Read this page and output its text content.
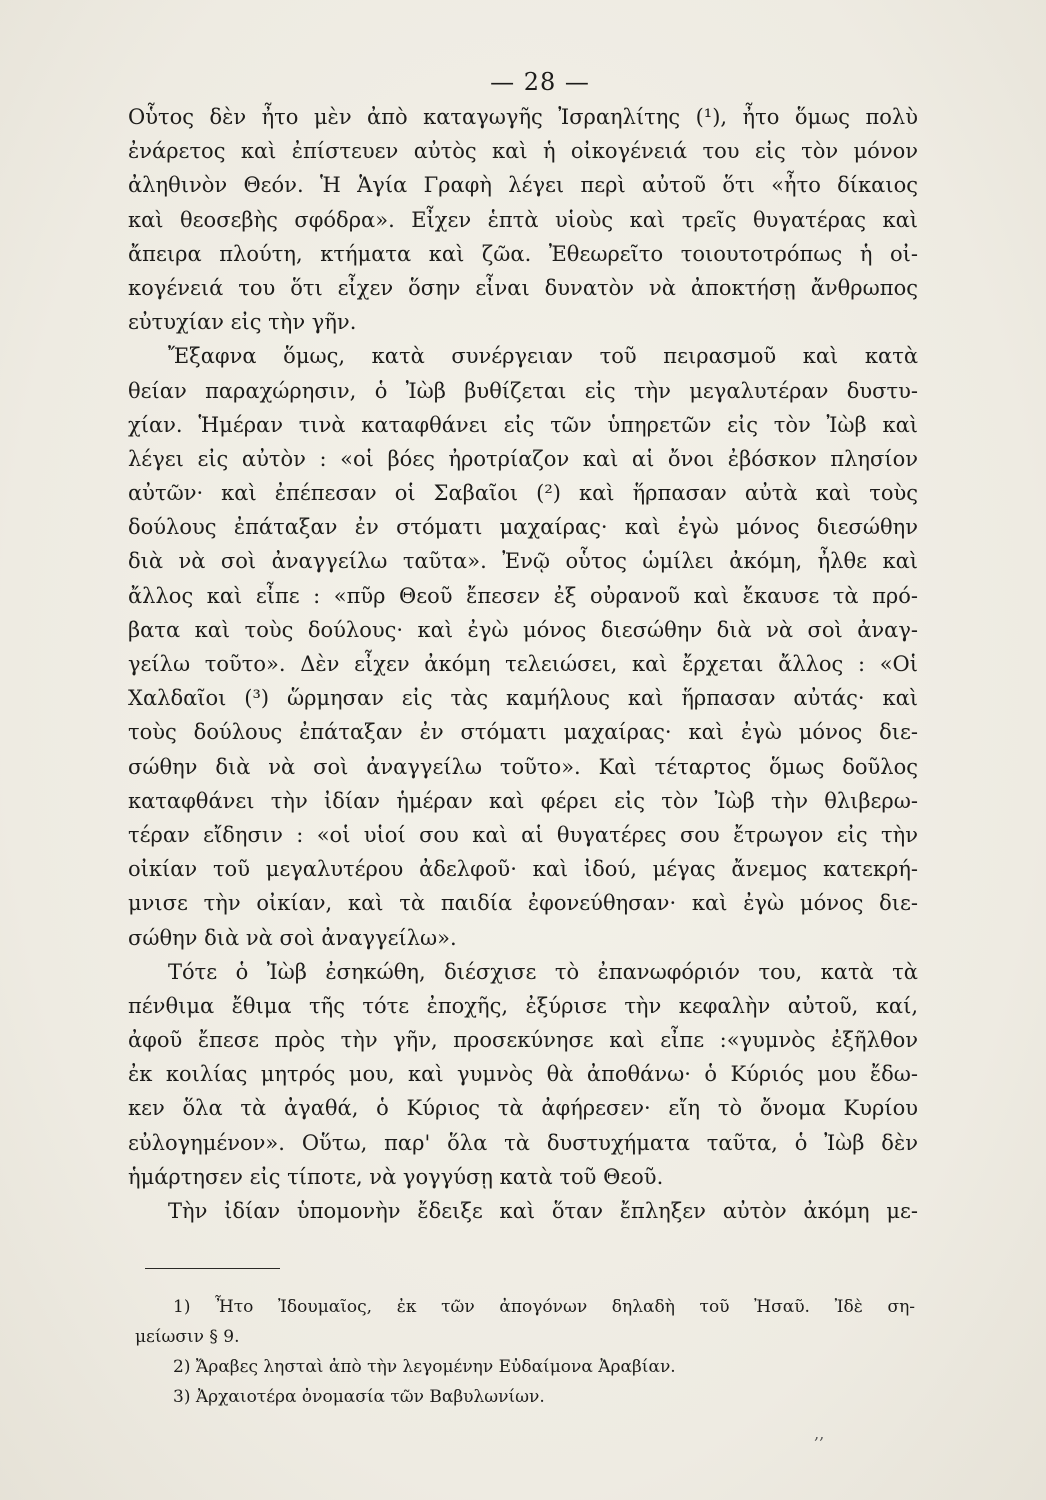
— 28 —
Οὗτος δὲν ἦτο μὲν ἀπὸ καταγωγῆς Ἰσραηλίτης (¹), ἦτο ὅμως πολὺ
ἐνάρετος καὶ ἐπίστευεν αὐτὸς καὶ ἡ οἰκογένειά του εἰς τὸν μόνον
ἀληθινὸν Θεόν. Ἡ Ἁγία Γραφὴ λέγει περὶ αὐτοῦ ὅτι «ἦτο δίκαιος
καὶ θεοσεβὴς σφόδρα». Εἶχεν ἑπτὰ υἱοὺς καὶ τρεῖς θυγατέρας καὶ
ἄπειρα πλούτη, κτήματα καὶ ζῶα. Ἐθεωρεῖτο τοιουτοτρόπως ἡ οἰ-
κογένειά του ὅτι εἶχεν ὅσην εἶναι δυνατὸν νὰ ἀποκτήσῃ ἄνθρωπος
εὐτυχίαν εἰς τὴν γῆν.
Ἔξαφνα ὅμως, κατὰ συνέργειαν τοῦ πειρασμοῦ καὶ κατὰ
θείαν παραχώρησιν, ὁ Ἰὼβ βυθίζεται εἰς τὴν μεγαλυτέραν δυστυ-
χίαν. Ἡμέραν τινὰ καταφθάνει εἰς τῶν ὑπηρετῶν εἰς τὸν Ἰὼβ καὶ
λέγει εἰς αὐτὸν : «οἱ βόες ἠροτρίαζον καὶ αἱ ὄνοι ἐβόσκον πλησίον
αὐτῶν· καὶ ἐπέπεσαν οἱ Σαβαῖοι (²) καὶ ἥρπασαν αὐτὰ καὶ τοὺς
δούλους ἐπάταξαν ἐν στόματι μαχαίρας· καὶ ἐγὼ μόνος διεσώθην
διὰ νὰ σοὶ ἀναγγείλω ταῦτα». Ἐνῷ οὗτος ὡμίλει ἀκόμη, ἦλθε καὶ
ἄλλος καὶ εἶπε : «πῦρ Θεοῦ ἔπεσεν ἐξ οὐρανοῦ καὶ ἔκαυσε τὰ πρό-
βατα καὶ τοὺς δούλους· καὶ ἐγὼ μόνος διεσώθην διὰ νὰ σοὶ ἀναγ-
γείλω τοῦτο». Δὲν εἶχεν ἀκόμη τελειώσει, καὶ ἔρχεται ἄλλος : «Οἱ
Χαλδαῖοι (³) ὥρμησαν εἰς τὰς καμήλους καὶ ἥρπασαν αὐτάς· καὶ
τοὺς δούλους ἐπάταξαν ἐν στόματι μαχαίρας· καὶ ἐγὼ μόνος διε-
σώθην διὰ νὰ σοὶ ἀναγγείλω τοῦτο». Καὶ τέταρτος ὅμως δοῦλος
καταφθάνει τὴν ἰδίαν ἡμέραν καὶ φέρει εἰς τὸν Ἰὼβ τὴν θλιβερω-
τέραν εἴδησιν : «οἱ υἱοί σου καὶ αἱ θυγατέρες σου ἔτρωγον εἰς τὴν
οἰκίαν τοῦ μεγαλυτέρου ἀδελφοῦ· καὶ ἰδού, μέγας ἄνεμος κατεκρή-
μνισε τὴν οἰκίαν, καὶ τὰ παιδία ἐφονεύθησαν· καὶ ἐγὼ μόνος διε-
σώθην διὰ νὰ σοὶ ἀναγγείλω».
Τότε ὁ Ἰὼβ ἐσηκώθη, διέσχισε τὸ ἐπανωφόριόν του, κατὰ τὰ
πένθιμα ἔθιμα τῆς τότε ἐποχῆς, ἐξύρισε τὴν κεφαλὴν αὐτοῦ, καί,
ἀφοῦ ἔπεσε πρὸς τὴν γῆν, προσεκύνησε καὶ εἶπε :«γυμνὸς ἐξῆλθον
ἐκ κοιλίας μητρός μου, καὶ γυμνὸς θὰ ἀποθάνω· ὁ Κύριός μου ἔδω-
κεν ὅλα τὰ ἀγαθά, ὁ Κύριος τὰ ἀφήρεσεν· εἴη τὸ ὄνομα Κυρίου
εὐλογημένον». Οὕτω, παρ' ὅλα τὰ δυστυχήματα ταῦτα, ὁ Ἰὼβ δὲν
ἡμάρτησεν εἰς τίποτε, νὰ γογγύσῃ κατὰ τοῦ Θεοῦ.
Τὴν ἰδίαν ὑπομονὴν ἔδειξε καὶ ὅταν ἔπληξεν αὐτὸν ἀκόμη με-
1) Ἦτο Ἰδουμαῖος, ἐκ τῶν ἀπογόνων δηλαδὴ τοῦ Ἠσαῦ. Ἰδὲ ση-
μείωσιν § 9.
2) Ἄραβες λησταὶ ἀπὸ τὴν λεγομένην Εὐδαίμονα Ἀραβίαν.
3) Ἀρχαιοτέρα ὀνομασία τῶν Βαβυλωνίων.
‚‚
